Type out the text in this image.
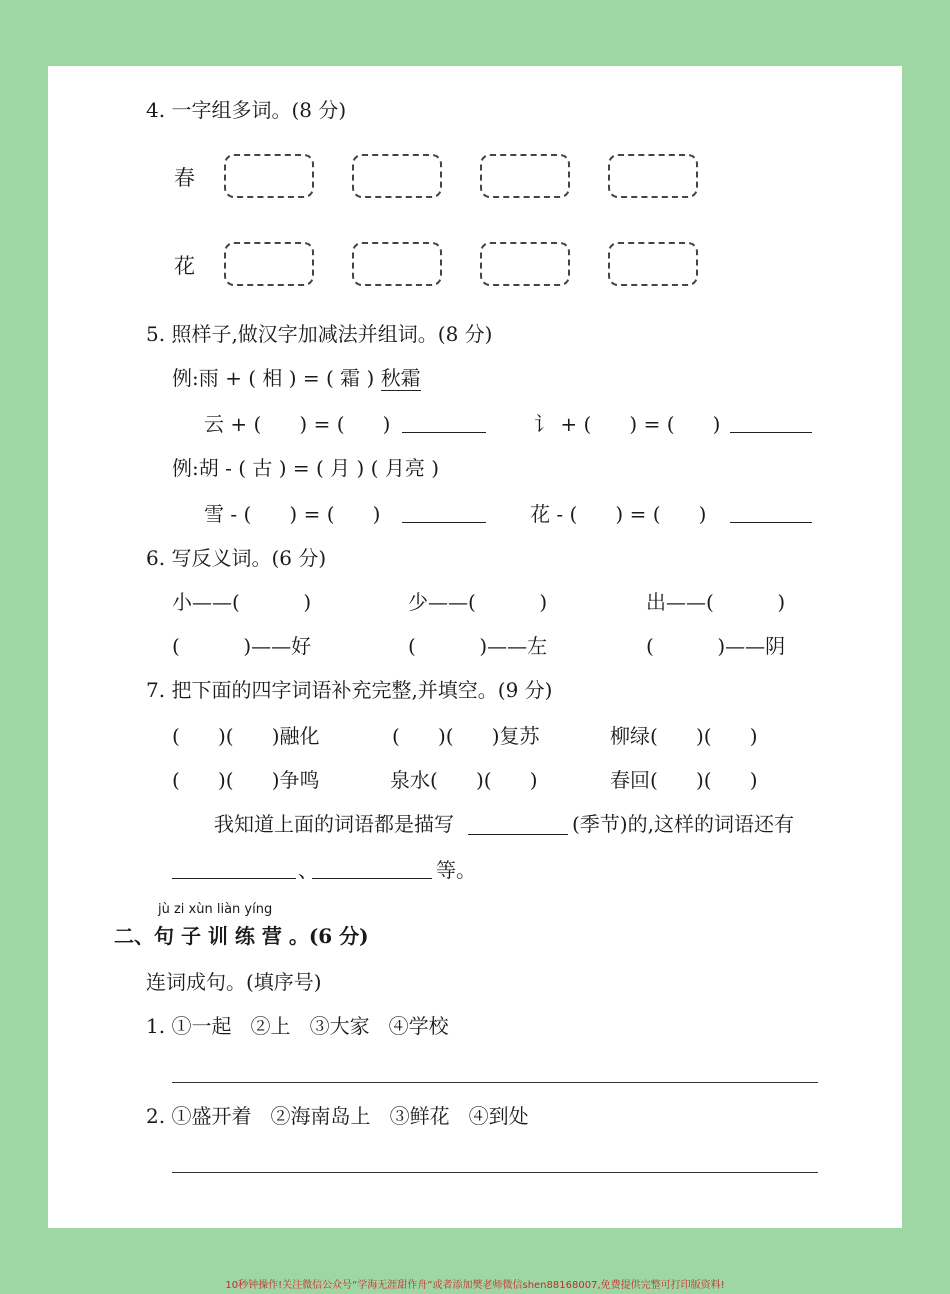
4. 一字组多词。(8 分)
春
花
5. 照样子,做汉字加减法并组词。(8 分)
例:雨 + ( 相 ) = ( 霜 ) 秋霜
云 + (      ) = (      )	讠 + (      ) = (      )
例:胡 - ( 古 ) = ( 月 ) ( 月亮 )
雪 - (      ) = (      )	花 - (      ) = (      )
6. 写反义词。(6 分)
小——(          )	少——(          )	出——(          )
(          )——好	(          )——左	(          )——阴
7. 把下面的四字词语补充完整,并填空。(9 分)
(      )(      )融化	(      )(      )复苏	柳绿(      )(      )
(      )(      )争鸣	泉水(      )(      )	春回(      )(      )
我知道上面的词语都是描写	(季节)的,这样的词语还有
、	等。
jù zi xùn liàn yíng
二、句 子 训 练 营 。(6 分)
连词成句。(填序号)
1. ①一起   ②上   ③大家   ④学校
2. ①盛开着   ②海南岛上   ③鲜花   ④到处
10秒钟操作!关注微信公众号“学海无涯甜作舟”或者添加樊老师微信shen88168007,免费提供完整可打印版资料!
